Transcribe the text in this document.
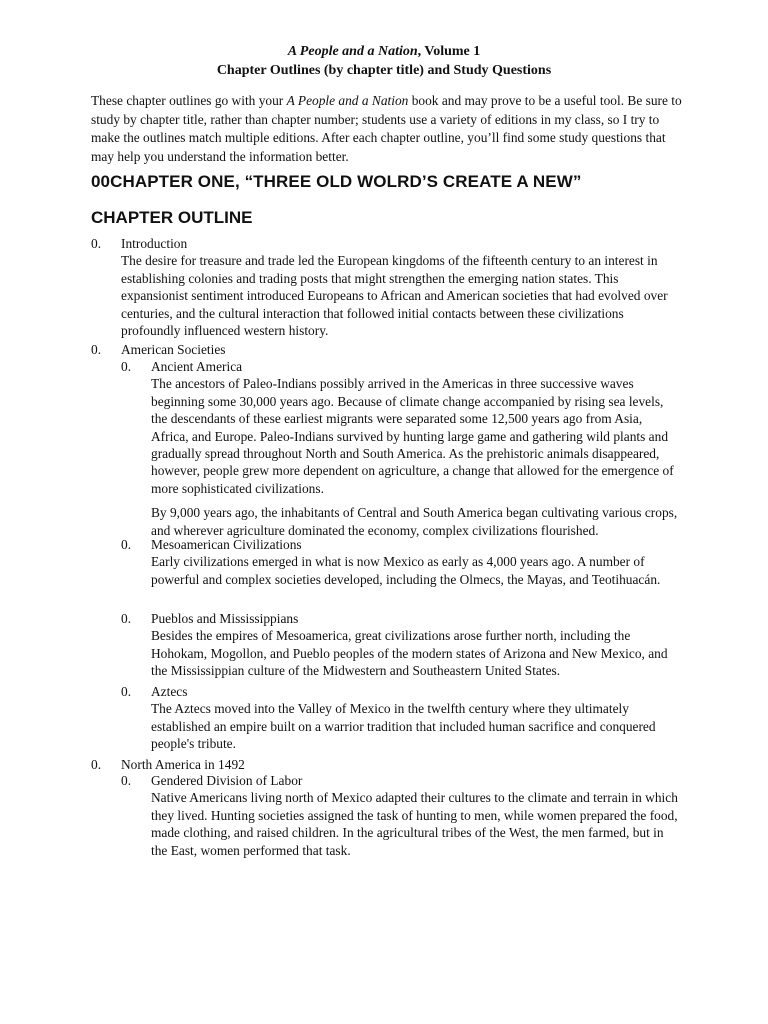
A People and a Nation, Volume 1
Chapter Outlines (by chapter title) and Study Questions
These chapter outlines go with your A People and a Nation book and may prove to be a useful tool. Be sure to study by chapter title, rather than chapter number; students use a variety of editions in my class, so I try to make the outlines match multiple editions. After each chapter outline, you’ll find some study questions that may help you understand the information better.
00CHAPTER ONE, “THREE OLD WOLRD’S CREATE A NEW”
CHAPTER OUTLINE
0.	Introduction
The desire for treasure and trade led the European kingdoms of the fifteenth century to an interest in establishing colonies and trading posts that might strengthen the emerging nation states. This expansionist sentiment introduced Europeans to African and American societies that had evolved over centuries, and the cultural interaction that followed initial contacts between these civilizations profoundly influenced western history.
0.	American Societies
0.	Ancient America
The ancestors of Paleo-Indians possibly arrived in the Americas in three successive waves beginning some 30,000 years ago. Because of climate change accompanied by rising sea levels, the descendants of these earliest migrants were separated some 12,500 years ago from Asia, Africa, and Europe. Paleo-Indians survived by hunting large game and gathering wild plants and gradually spread throughout North and South America. As the prehistoric animals disappeared, however, people grew more dependent on agriculture, a change that allowed for the emergence of more sophisticated civilizations.
By 9,000 years ago, the inhabitants of Central and South America began cultivating various crops, and wherever agriculture dominated the economy, complex civilizations flourished.
0.	Mesoamerican Civilizations
Early civilizations emerged in what is now Mexico as early as 4,000 years ago. A number of powerful and complex societies developed, including the Olmecs, the Mayas, and Teotihuacán.
0.	Pueblos and Mississippians
Besides the empires of Mesoamerica, great civilizations arose further north, including the Hohokam, Mogollon, and Pueblo peoples of the modern states of Arizona and New Mexico, and the Mississippian culture of the Midwestern and Southeastern United States.
0.	Aztecs
The Aztecs moved into the Valley of Mexico in the twelfth century where they ultimately established an empire built on a warrior tradition that included human sacrifice and conquered people's tribute.
0.	North America in 1492
0.	Gendered Division of Labor
Native Americans living north of Mexico adapted their cultures to the climate and terrain in which they lived. Hunting societies assigned the task of hunting to men, while women prepared the food, made clothing, and raised children. In the agricultural tribes of the West, the men farmed, but in the East, women performed that task.
